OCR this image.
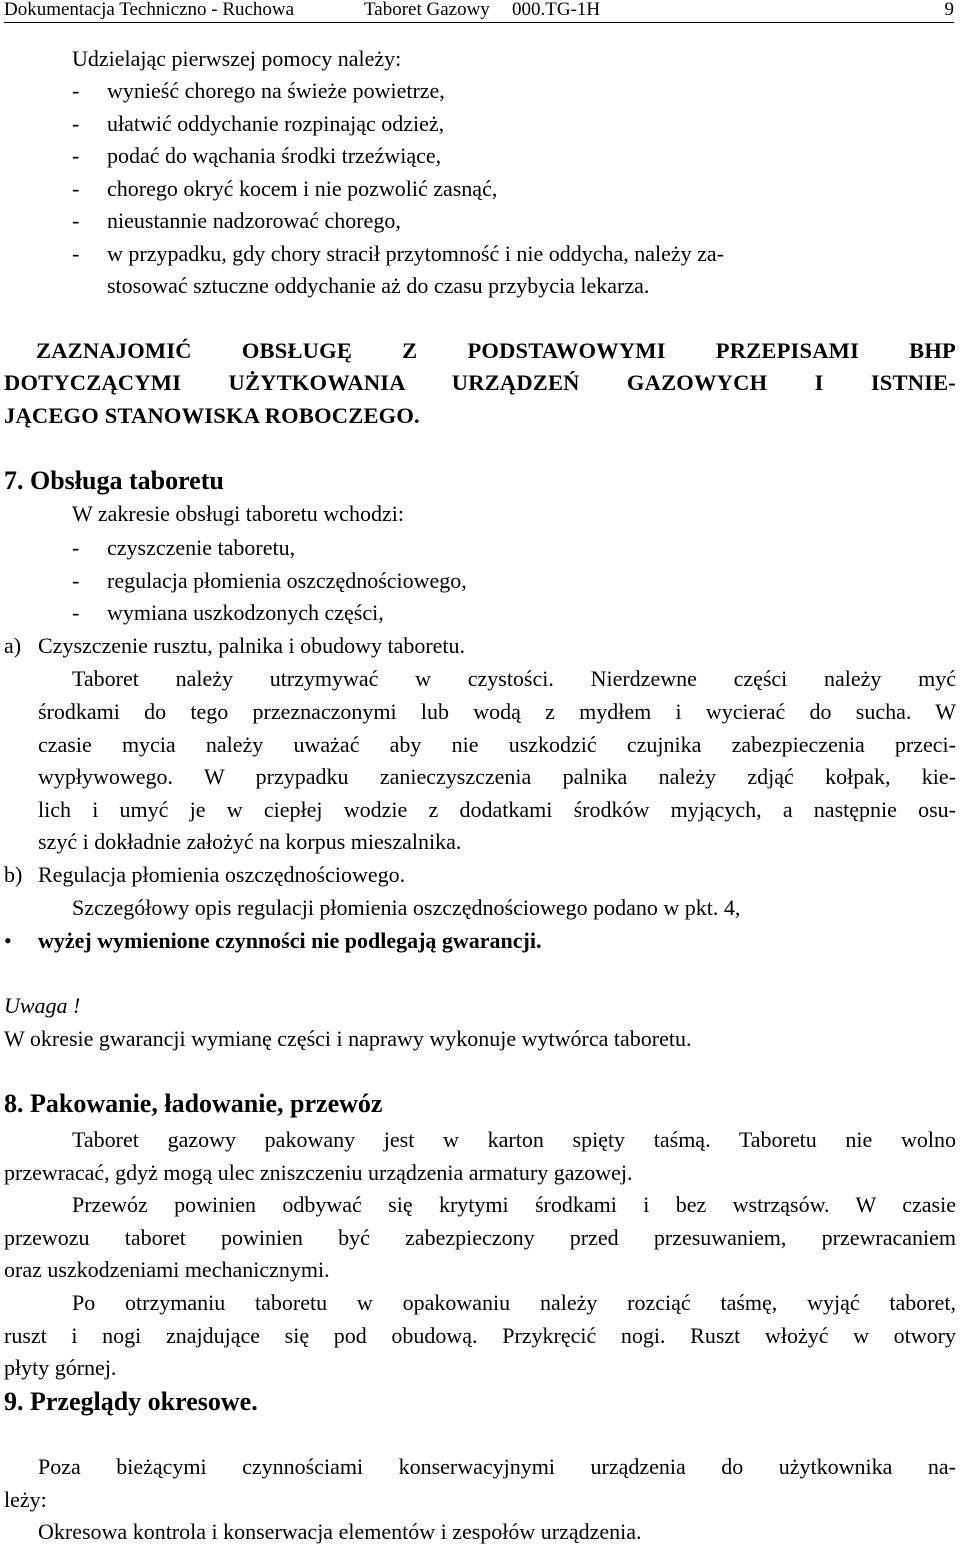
Dokumentacja Techniczno - Ruchowa	Taboret Gazowy 000.TG-1H	9
Udzielając pierwszej pomocy należy:
- wynieść chorego na świeże powietrze,
- ułatwić oddychanie rozpinając odzież,
- podać do wąchania środki trzeźwiące,
- chorego okryć kocem i nie pozwolić zasnąć,
- nieustannie nadzorować chorego,
- w przypadku, gdy chory stracił przytomność i nie oddycha, należy za-
stosować sztuczne oddychanie aż do czasu przybycia lekarza.
ZAZNAJOMIĆ OBSŁUGĘ Z PODSTAWOWYMI PRZEPISAMI BHP
DOTYCZĄCYMI UŻYTKOWANIA URZĄDZEŃ GAZOWYCH I ISTNIE-
JĄCEGO STANOWISKA ROBOCZEGO.
7. Obsługa taboretu
W zakresie obsługi taboretu wchodzi:
- czyszczenie taboretu,
- regulacja płomienia oszczędnościowego,
- wymiana uszkodzonych części,
a) Czyszczenie rusztu, palnika i obudowy taboretu.
Taboret należy utrzymywać w czystości. Nierdzewne części należy myć
środkami do tego przeznaczonymi lub wodą z mydłem i wycierać do sucha. W
czasie mycia należy uważać aby nie uszkodzić czujnika zabezpieczenia przeci-
wypływowego. W przypadku zanieczyszczenia palnika należy zdjąć kołpak, kie-
lich i umyć je w ciepłej wodzie z dodatkami środków myjących, a następnie osu-
szyć i dokładnie założyć na korpus mieszalnika.
b) Regulacja płomienia oszczędnościowego.
Szczegółowy opis regulacji płomienia oszczędnościowego podano w pkt. 4,
• wyżej wymienione czynności nie podlegają gwarancji.
Uwaga !
W okresie gwarancji wymianę części i naprawy wykonuje wytwórca taboretu.
8. Pakowanie, ładowanie, przewóz
Taboret gazowy pakowany jest w karton spięty taśmą. Taboretu nie wolno
przewracać, gdyż mogą ulec zniszczeniu urządzenia armatury gazowej.
Przewóz powinien odbywać się krytymi środkami i bez wstrząsów. W czasie
przewozu taboret powinien być zabezpieczony przed przesuwaniem, przewracaniem
oraz uszkodzeniami mechanicznymi.
Po otrzymaniu taboretu w opakowaniu należy rozciąć taśmę, wyjąć taboret,
ruszt i nogi znajdujące się pod obudową. Przykręcić nogi. Ruszt włożyć w otwory
płyty górnej.
9. Przeglądy okresowe.
Poza bieżącymi czynnościami konserwacyjnymi urządzenia do użytkownika na-
leży:
Okresowa kontrola i konserwacja elementów i zespołów urządzenia.
